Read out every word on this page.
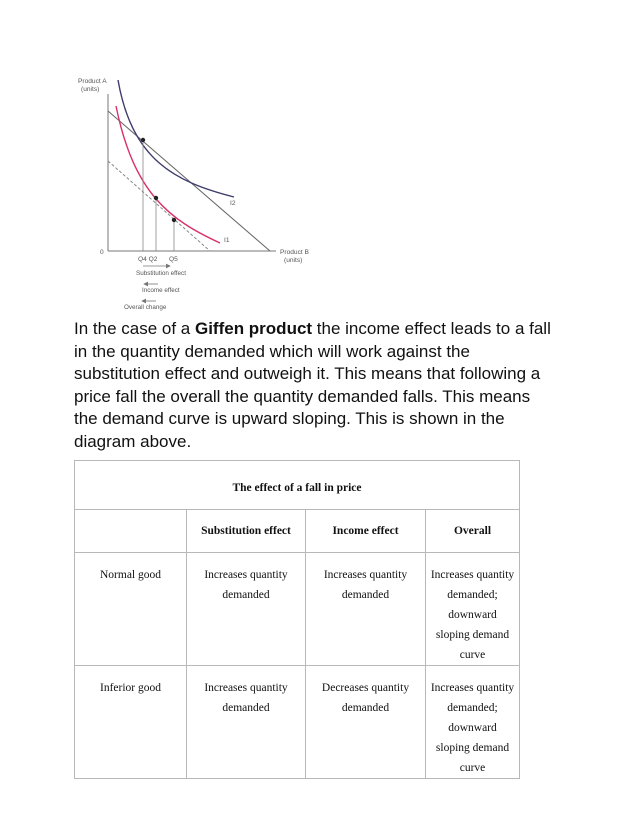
Product A
(units)
Product B
(units)
0
I2
I1
Q4 Q2 Q5
Substitution effect
Income effect
Overall change

In the case of a Giffen product the income effect leads to a fall in the quantity demanded which will work against the substitution effect and outweigh it. This means that following a price fall the overall the quantity demanded falls. This means the demand curve is upward sloping. This is shown in the diagram above.

The effect of a fall in price			
	Substitution effect	Income effect	Overall
Normal good	Increases quantity demanded	Increases quantity demanded	Increases quantity demanded; downward sloping demand curve
Inferior good	Increases quantity demanded	Decreases quantity demanded	Increases quantity demanded; downward sloping demand curve
